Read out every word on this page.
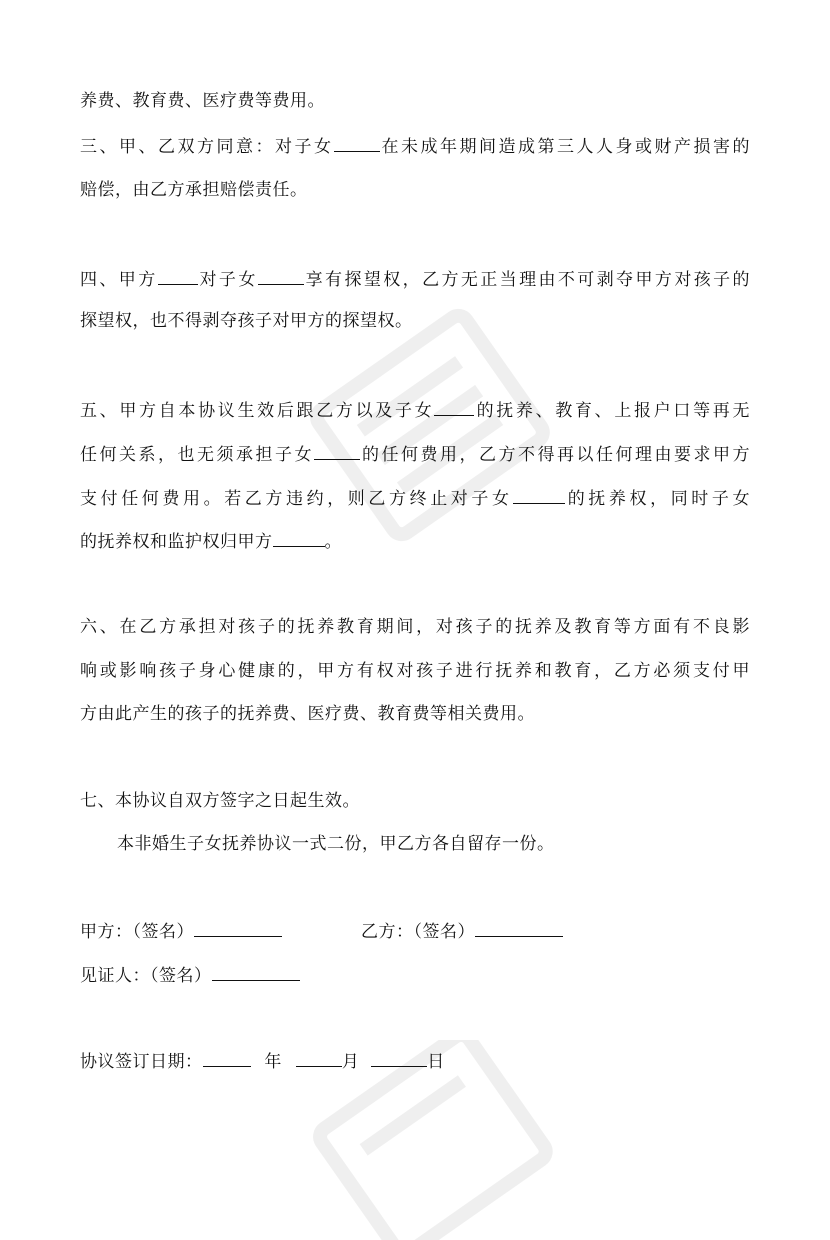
养费、教育费、医疗费等费用。
三、甲、乙双方同意：对子女	在未成年期间造成第三人人身或财产损害的
赔偿，由乙方承担赔偿责任。
四、甲方 对子女	享有探望权，乙方无正当理由不可剥夺甲方对孩子的
探望权，也不得剥夺孩子对甲方的探望权。
五、甲方自本协议生效后跟乙方以及子女 的抚养、教育、上报户口等再无
任何关系，也无须承担子女	的任何费用，乙方不得再以任何理由要求甲方
支付任何费用。若乙方违约，则乙方终止对子女	的抚养权，同时子女
的抚养权和监护权归甲方	。
六、在乙方承担对孩子的抚养教育期间，对孩子的抚养及教育等方面有不良影
响或影响孩子身心健康的，甲方有权对孩子进行抚养和教育，乙方必须支付甲
方由此产生的孩子的抚养费、医疗费、教育费等相关费用。
七、本协议自双方签字之日起生效。
本非婚生子女抚养协议一式二份，甲乙方各自留存一份。
甲方：（签名）	乙方：（签名）
见证人：（签名）
协议签订日期：	年	月	日
